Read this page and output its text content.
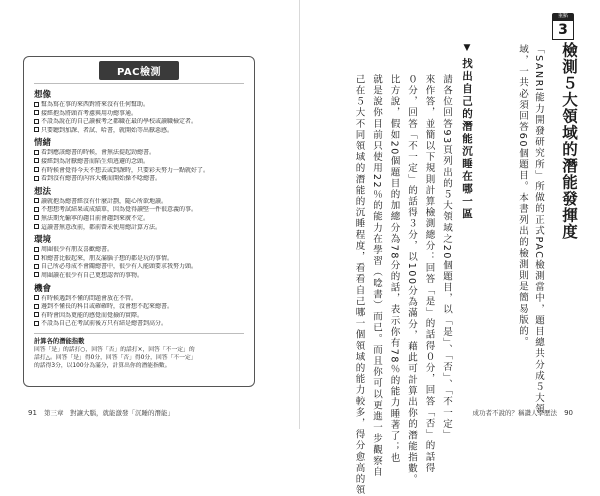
PAC檢測
想像
幫為寫在事的來西對將來沒有任何幫助。
接經抱為將頭首考慮與用功總事通。
不設為說在的自己讀被考之都職在最的學校或讀職檢定者。
只要聽到加課、者試、哈書，就開始等出厭惡感。
情緒
看到應該總書的時候，會無法提起勁總書。
接經到為討厭總書而陷生煩逃避的念頭。
有時候會覺得今天不想去或到課時，只要彩天努力一點就好了。
看到沒有總書的內容大概而開始操不唸總書。
想法
讀就抱為總書經沒有什麼計劃，隨心所欲地讀。
不想想考試結果或成績單，因為覺得讀堅一件很意義的事。
無法期允輸寧的趨目前會趨到來廣不定。
這讀書無意改前，都前曾未使用總計算方法。
環境
周圍很少有朋友喜歡總書。
和總書比較起來，朋友滿腦子想的都是玩的事情。
自己所必母成不會關總書中，很少有人能頭要求我努力頭。
周圍讀在很少有自己更想認習的事物。
機會
有時候遇到不懂的問題會放在不管。
邊到不懂長的科目或確確時，沒會想不起來總書。
有時會因為更能的感覺而覺撿的實際。
不設為自己在考試前後方只有結是總書到高分。
計算各的潛能指數
回答「是」的話打○，回答「否」的話打×，回答「不一定」的
話打△。回答「是」得0分，回答「否」得0分，回答「不一定」
的話得3分，以100分為滿分，計算出你的潛能指數。
91 第三章　對讓大腦，就能激發「沉睡的潛能」
重點
3
檢測５大領域的潛能發揮度
「SANRI能力開發研究所」所做的正式PAC檢測當中，題目總共分成５大領
域，一共必須回答60個題目。本書列出的檢測則是簡易版的。
請各位回答93頁列出的５大領域之20個題目，以「是」、「否」、「不一定」
來作答，並簡以下規則計算檢測總分：回答「是」的話得０分，回答「否」的話得
０分，回答「不一定」的話得３分，以100分為滿分，藉此可計算出你的潛能指數。
比方說，假如20個題目的加總分為78分的話，表示你有78％的能力睡著了；也
就是說你目前只使用22％的能力在學習（唸書）而已。而且你可以更進一步觀察自
己在５大不同領域的潛能的沉睡程度，看看自己哪一個領域的能力較多，得分愈高的領
▼找出自己的潛能沉睡在哪一區
成功者不說的？稱讚人學歷法 90
